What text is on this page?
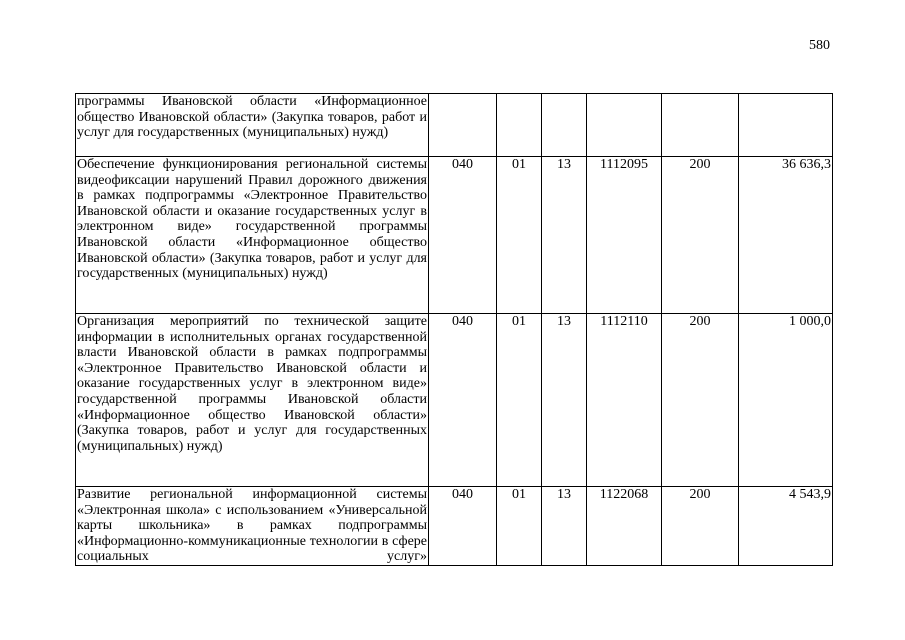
580
программы Ивановской области «Информационное общество Ивановской области» (Закупка товаров, работ и услуг для государственных (муниципальных) нужд)						
Обеспечение функционирования региональной системы видеофиксации нарушений Правил дорожного движения в рамках подпрограммы «Электронное Правительство Ивановской области и оказание государственных услуг в электронном виде» государственной программы Ивановской области «Информационное общество Ивановской области» (Закупка товаров, работ и услуг для государственных (муниципальных) нужд)	040	01	13	1112095	200	36 636,3
Организация мероприятий по технической защите информации в исполнительных органах государственной власти Ивановской области в рамках подпрограммы «Электронное Правительство Ивановской области и оказание государственных услуг в электронном виде» государственной программы Ивановской области «Информационное общество Ивановской области» (Закупка товаров, работ и услуг для государственных (муниципальных) нужд)	040	01	13	1112110	200	1 000,0
Развитие региональной информационной системы «Электронная школа» с использованием «Универсальной карты школьника» в рамках подпрограммы «Информационно-коммуникационные технологии в сфере социальных услуг»	040	01	13	1122068	200	4 543,9
